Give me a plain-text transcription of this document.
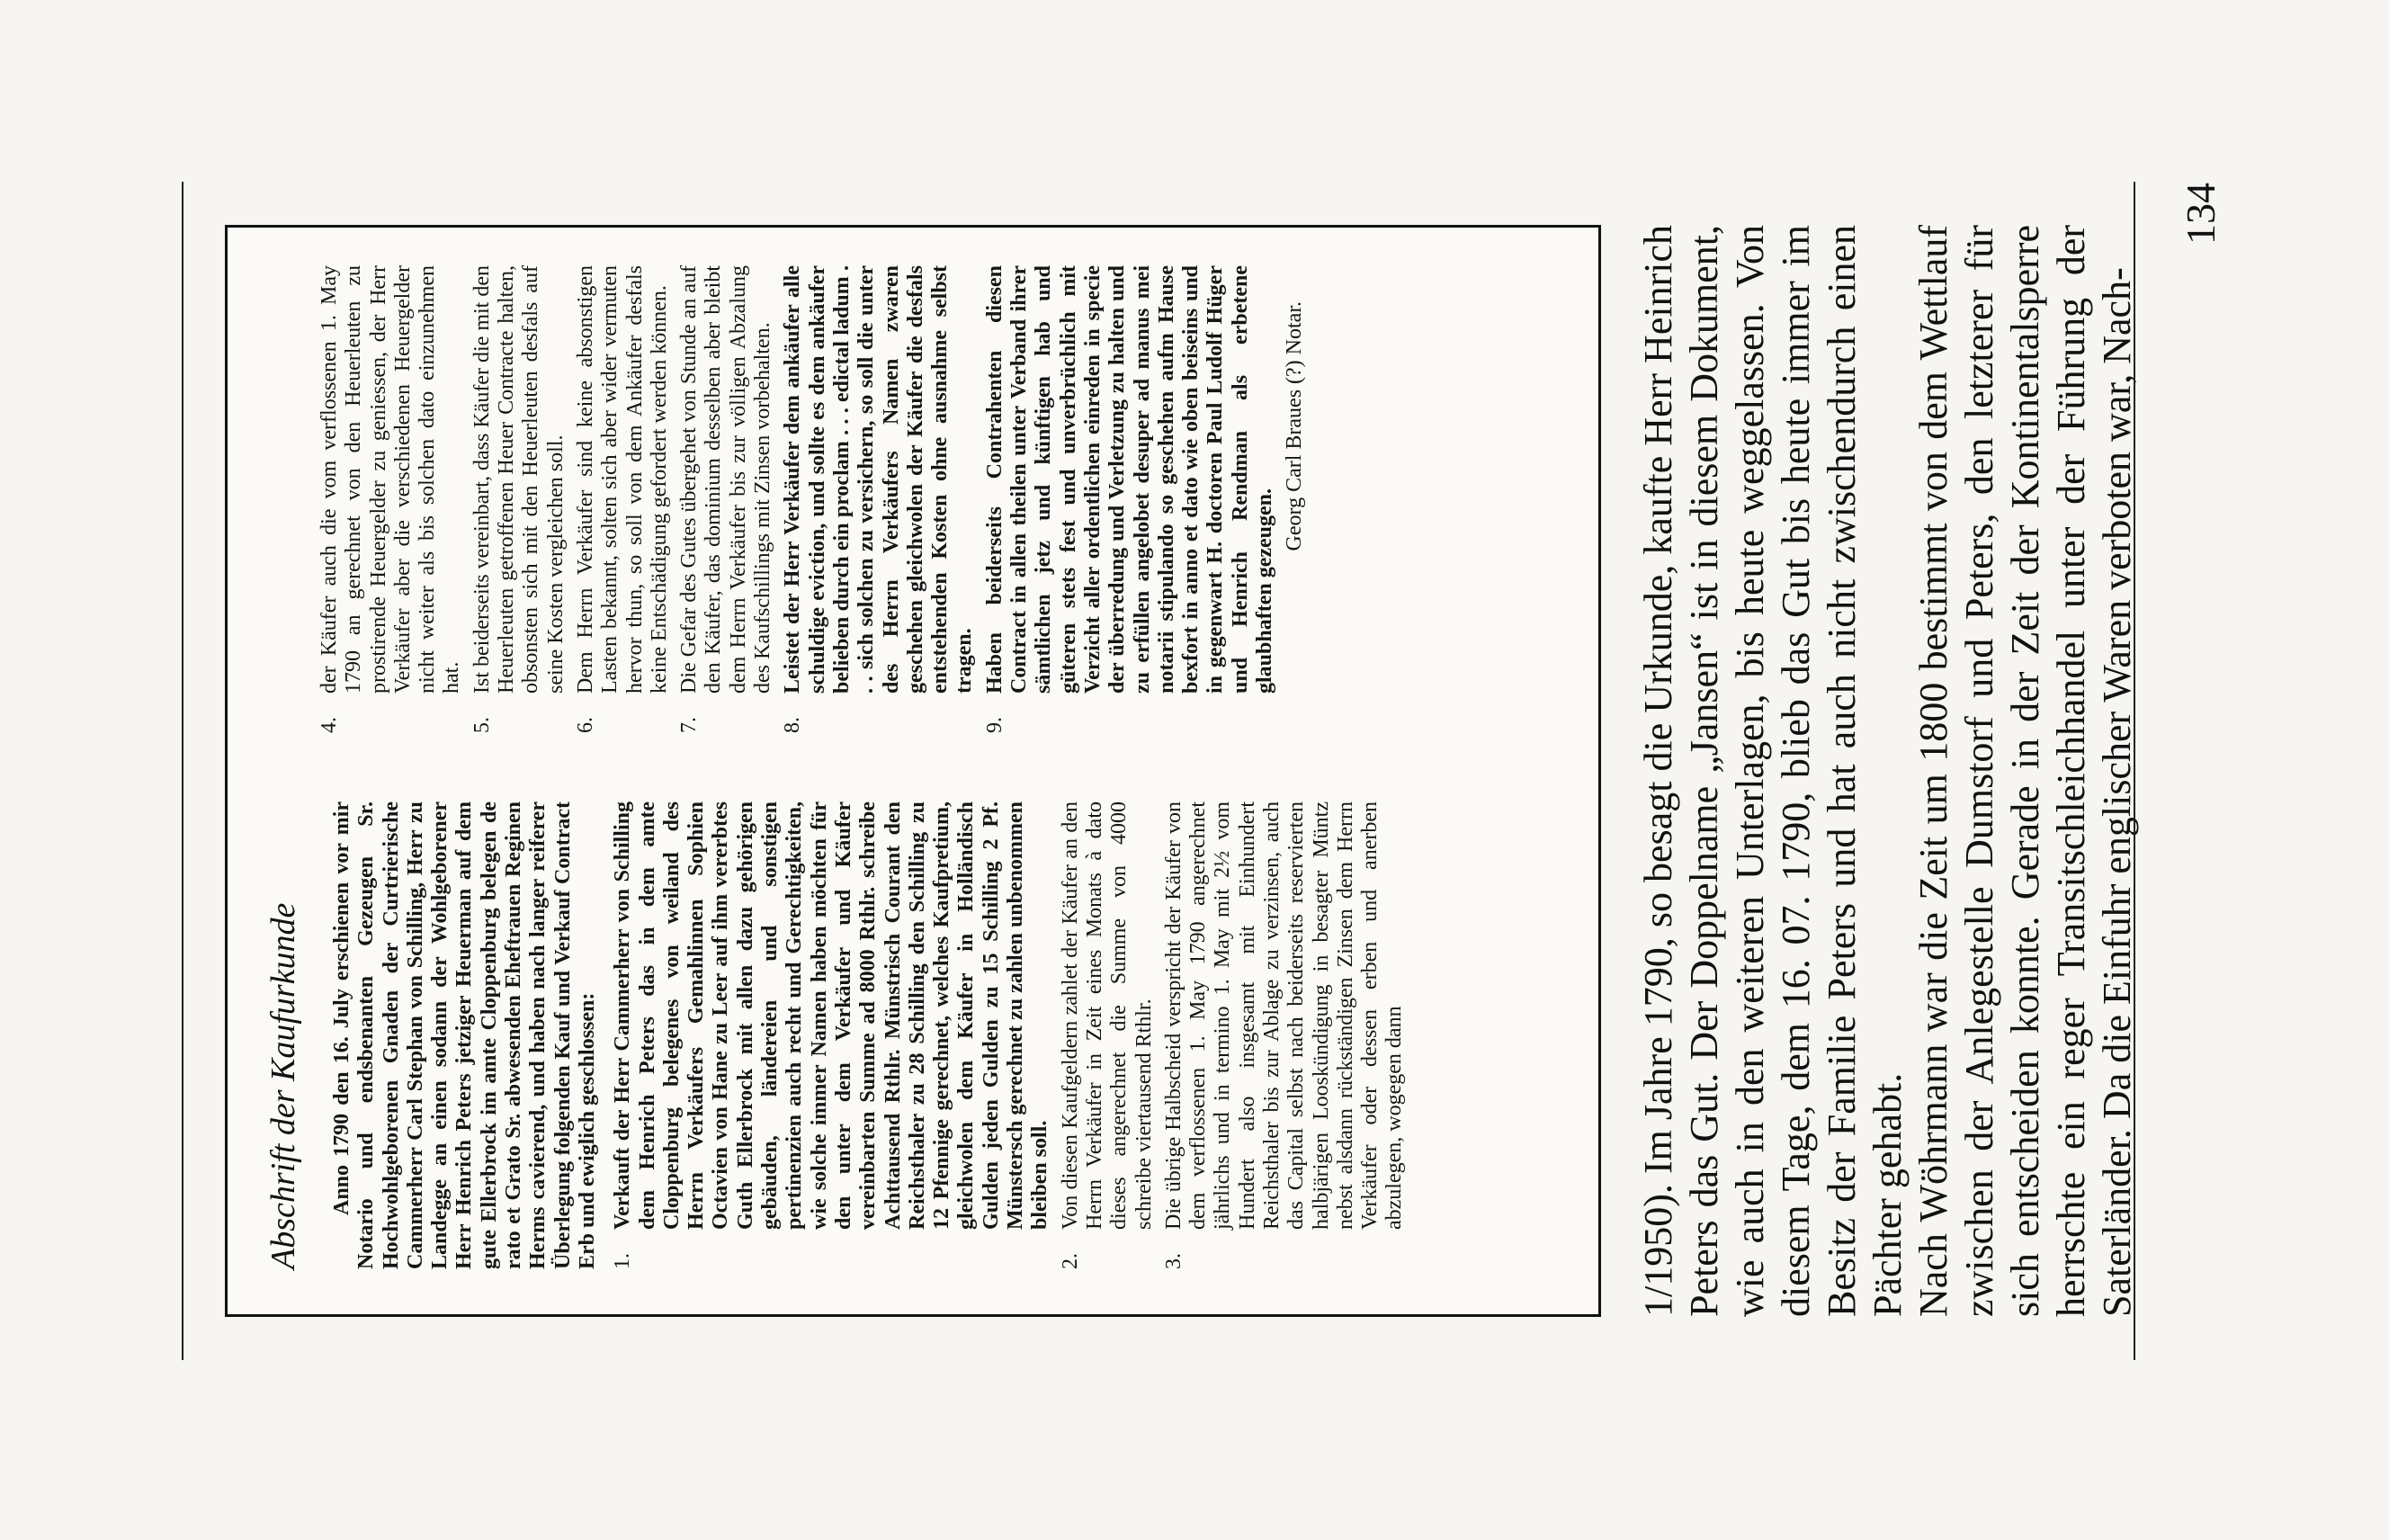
Abschrift der Kaufurkunde Anno 1790 den 16. July erschienen vor mir Notario und endsbenanten Gezeugen Sr. Hochwohlgeborenen Gnaden der Curtrierische Cammerherr Carl Stephan von Schilling, Herr zu Landegge an einen sodann der Wohlgeborener Herr Henrich Peters jetziger Heuerman auf dem gute Ellerbrock im amte Cloppenburg belegen de rato et Grato Sr. abwesenden Eheftrauen Reginen Herms cavierend, und haben nach langer reiferer Überlegung folgenden Kauf und Verkauf Contract Erb und ewiglich geschlossen: 1.
Verkauft der Herr Cammerherr von Schilling dem Henrich Peters das in dem amte Cloppenburg belegenes von weiland des Herrn Verkäufers Gemahlinnen Sophien Octavien von Hane zu Leer auf ihm vererbtes Guth Ellerbrock mit allen dazu gehörigen gebäuden, ländereien und sonstigen pertinenzien auch recht und Gerechtigkeiten, wie solche immer Namen haben möchten für den unter dem Verkäufer und Käufer vereinbarten Summe ad 8000 Rthlr. schreibe Achttausend Rthlr. Münstrisch Courant den Reichsthaler zu 28 Schilling den Schilling zu 12 Pfennige gerechnet, welches Kaufpretium, gleichwolen dem Käufer in Holländisch Gulden jeden Gulden zu 15 Schilling 2 Pf. Münstersch gerechnet zu zahlen unbenommen bleiben soll.
2.
Von diesen Kaufgeldern zahlet der Käufer an den Herrn Verkäufer in Zeit eines Monats à dato dieses angerechnet die Summe von 4000 schreibe viertausend Rthlr.
3.
Die übrige Halbscheid verspricht der Käufer von dem verflossenen 1. May 1790 angerechnet jährlichs und in termino 1. May mit 2½ vom Hundert also insgesamt mit Einhundert Reichsthaler bis zur Ablage zu verzinsen, auch das Capital selbst nach beiderseits reservierten halbjärigen Looskündigung in besagter Müntz nebst alsdann rückständigen Zinsen dem Herrn Verkäufer oder dessen erben und anerben abzulegen, wogegen dann
4.
der Käufer auch die vom verflossenen 1. May 1790 an gerechnet von den Heuerleuten zu prostirende Heuergelder zu geniessen, der Herr Verkäufer aber die verschiedenen Heuergelder nicht weiter als bis solchen dato einzunehmen hat.
5.
Ist beiderseits vereinbart, dass Käufer die mit den Heuerleuten getroffenen Heuer Contracte halten, obsonsten sich mit den Heuerleuten desfals auf seine Kosten vergleichen soll.
6.
Dem Herrn Verkäufer sind keine absonstigen Lasten bekannt, solten sich aber wider vermuten hervor thun, so soll von dem Ankäufer desfals keine Entschädigung gefordert werden können.
7.
Die Gefar des Gutes übergehet von Stunde an auf den Käufer, das dominium desselben aber bleibt dem Herrn Verkäufer bis zur völligen Abzalung des Kaufschillings mit Zinsen vorbehalten.
8.
Leistet der Herr Verkäufer dem ankäufer alle schuldige eviction, und sollte es dem ankäufer belieben durch ein proclam . . . edictal ladum . . . sich solchen zu versichern, so soll die unter des Herrn Verkäufers Namen zwaren geschehen gleichwolen der Käufer die desfals entstehenden Kosten ohne ausnahme selbst tragen.
9.
Haben beiderseits Contrahenten diesen Contract in allen theilen unter Verband ihrer sämtlichen jetz und künftigen hab und güteren stets fest und unverbrüchlich mit Verzicht aller ordentlichen einreden in specie der überredung und Verletzung zu halten und zu erfüllen angelobet desuper ad manus mei notarii stipulando so geschehen aufm Hause bexfort in anno et dato wie oben beiseins und in gegenwart H. doctoren Paul Ludolf Hüger und Henrich Rendman als erbetene glaubhaften gezeugen.

Georg Carl Braues (?) Notar.	1/1950). Im Jahre 1790, so besagt die Urkunde, kaufte Herr Heinrich Peters das Gut. Der Doppelname „Jansen“ ist in diesem Dokument, wie auch in den weiteren Unterlagen, bis heute weggelassen. Von diesem Tage, dem 16. 07. 1790, blieb das Gut bis heute immer im Besitz der Familie Peters und hat auch nicht zwischendurch einen Pächter gehabt. Nach Wöhrmann war die Zeit um 1800 bestimmt von dem Wettlauf zwischen der Anlegestelle Dumstorf und Peters, den letzterer für sich entscheiden konnte. Gerade in der Zeit der Kontinentalsperre herrschte ein reger Transitschleichhandel unter der Führung der Saterländer. Da die Einfuhr englischer Waren verboten war, Nach-

134
